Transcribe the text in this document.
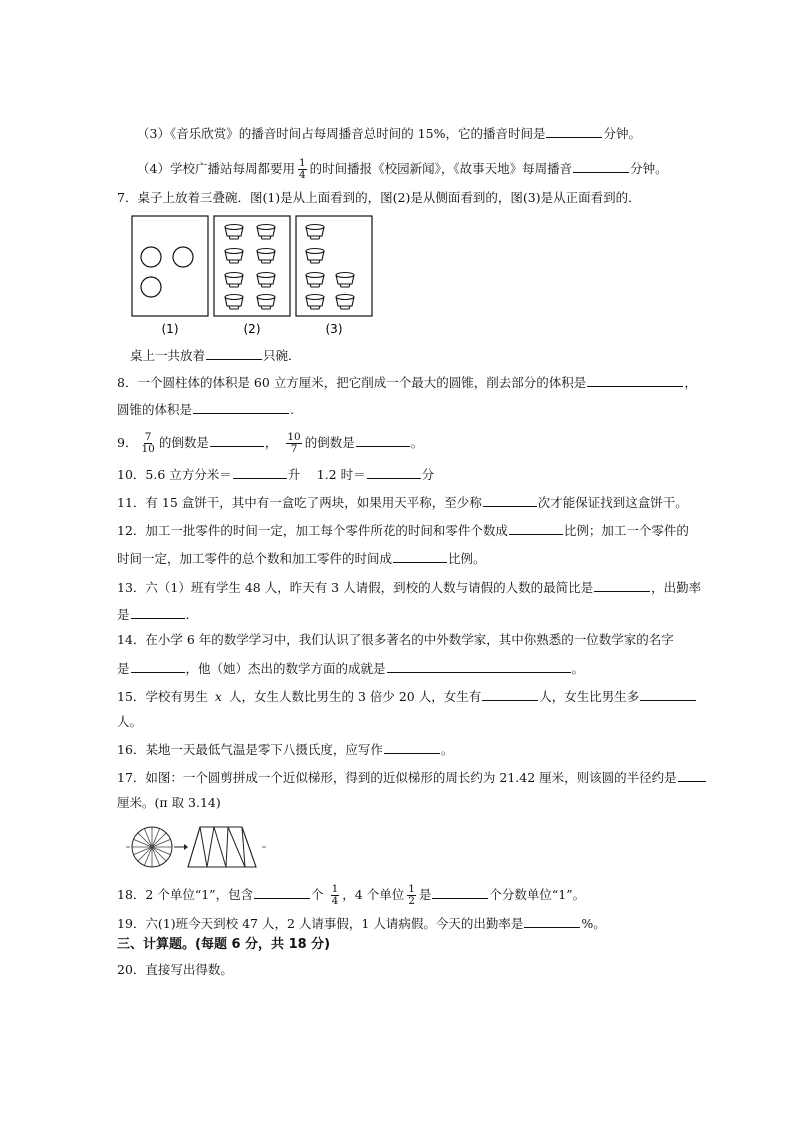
（3）《音乐欣赏》的播音时间占每周播音总时间的 15%，它的播音时间是	分钟。
（4）学校广播站每周都要用 $\frac{1}{4}$ 的时间播报《校园新闻》，《故事天地》每周播音	分钟。
7．桌子上放着三叠碗．图(1)是从上面看到的，图(2)是从侧面看到的，图(3)是从正面看到的．
(1)	(2)	(3)
桌上一共放着	只碗．
8．一个圆柱体的体积是 60 立方厘米，把它削成一个最大的圆锥，削去部分的体积是	，
圆锥的体积是	.
9． $\frac{7}{10}$ 的倒数是	， $\frac{10}{7}$ 的倒数是	。
10．5.6 立方分米＝	升　 1.2 时＝	分
11．有 15 盒饼干，其中有一盒吃了两块，如果用天平称，至少称	次才能保证找到这盒饼干。
12．加工一批零件的时间一定，加工每个零件所花的时间和零件个数成	比例；加工一个零件的
时间一定，加工零件的总个数和加工零件的时间成	比例。
13．六（1）班有学生 48 人，昨天有 3 人请假，到校的人数与请假的人数的最简比是	，出勤率
是	.
14．在小学 6 年的数学学习中，我们认识了很多著名的中外数学家，其中你熟悉的一位数学家的名字
是	，他（她）杰出的数学方面的成就是	。
15．学校有男生 x 人，女生人数比男生的 3 倍少 20 人，女生有	人，女生比男生多
人。
16．某地一天最低气温是零下八摄氏度，应写作	。
17．如图：一个圆剪拼成一个近似梯形，得到的近似梯形的周长约为 21.42 厘米，则该圆的半径约是
厘米。(π 取 3.14)
18．2 个单位“1”，包含	个 $\frac{1}{4}$ ，4 个单位 $\frac{1}{2}$ 是	个分数单位“1”。
19．六(1)班今天到校 47 人，2 人请事假，1 人请病假。今天的出勤率是	%。
三、计算题。(每题 6 分，共 18 分)
20．直接写出得数。
